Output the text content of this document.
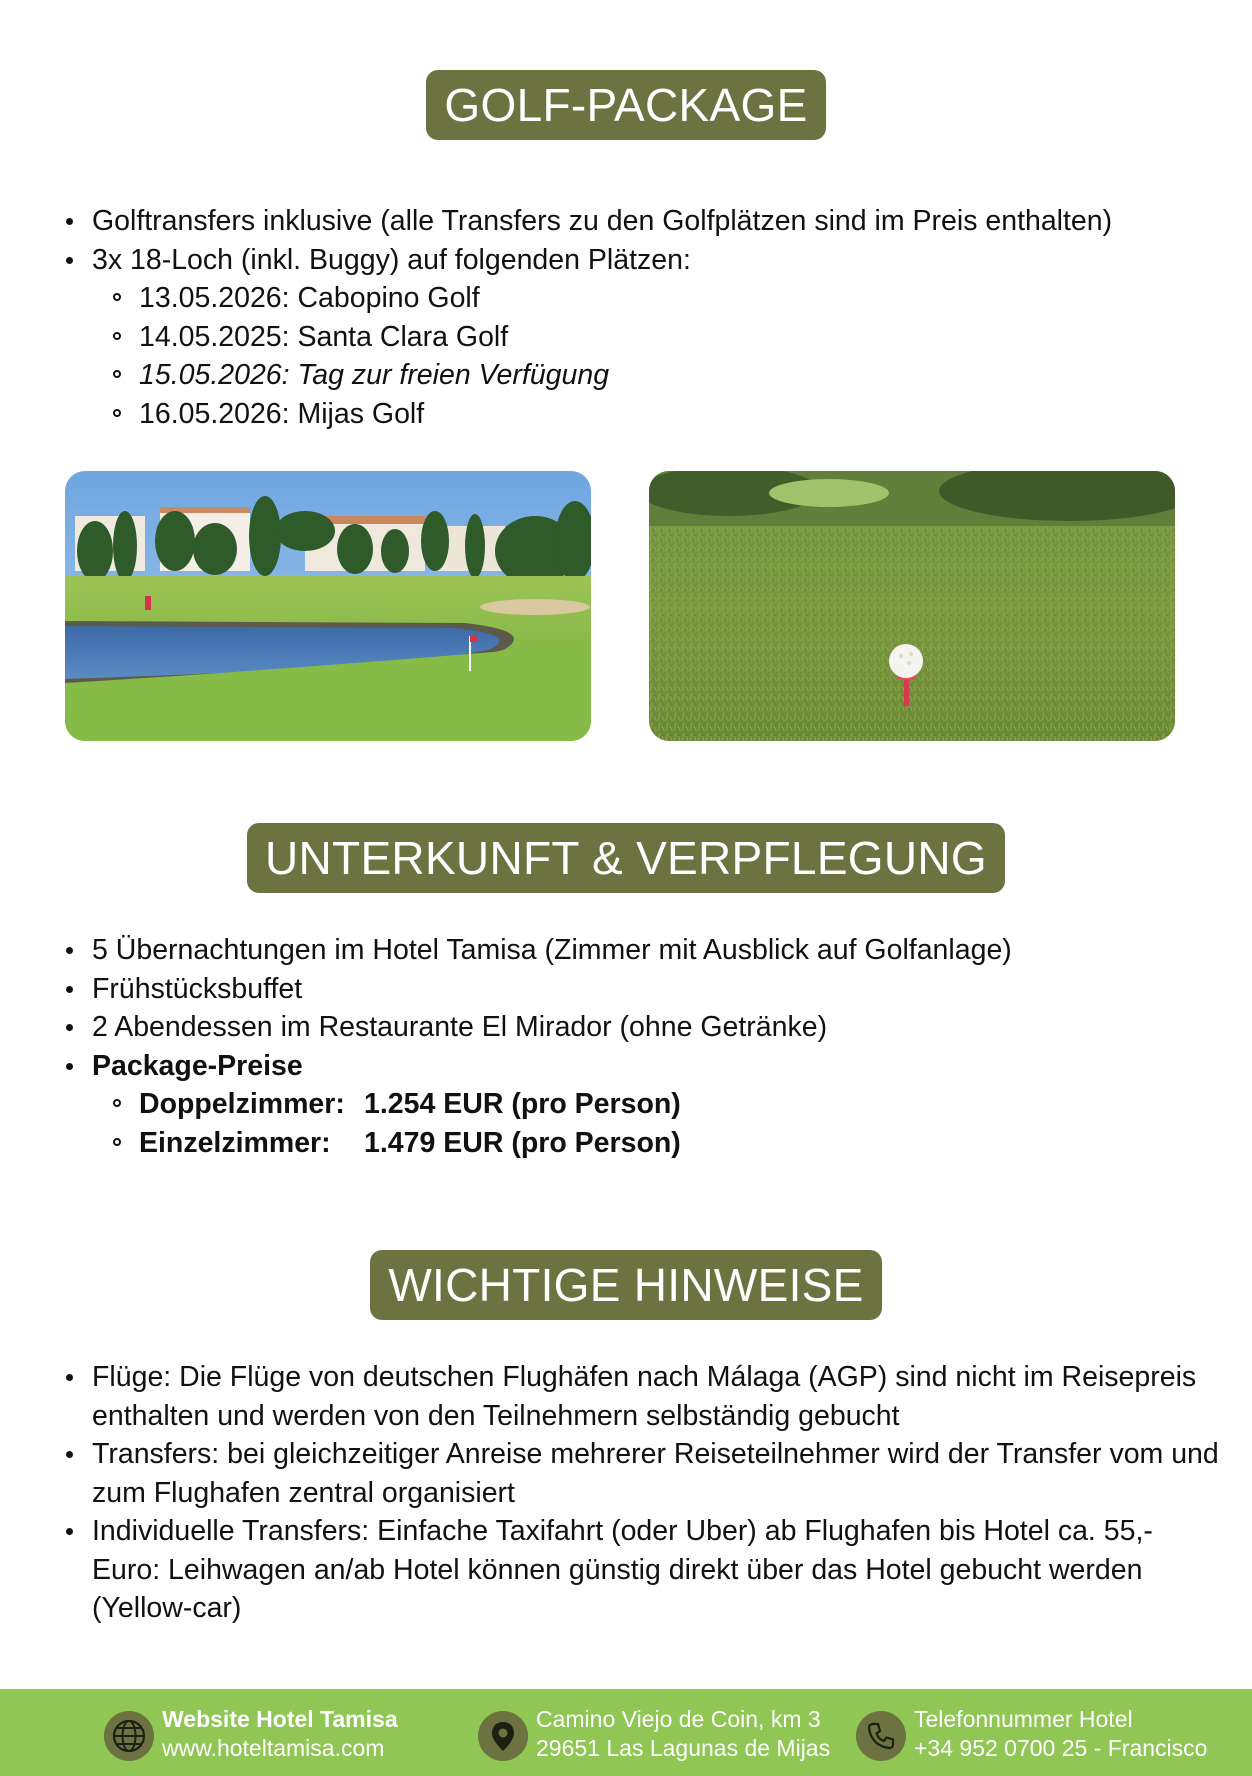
GOLF-PACKAGE
Golftransfers inklusive (alle Transfers zu den Golfplätzen sind im Preis enthalten)
3x 18-Loch (inkl. Buggy) auf folgenden Plätzen:
13.05.2026: Cabopino Golf
14.05.2025: Santa Clara Golf
15.05.2026: Tag zur freien Verfügung
16.05.2026: Mijas Golf
UNTERKUNFT & VERPFLEGUNG
5 Übernachtungen im Hotel Tamisa (Zimmer mit Ausblick auf Golfanlage)
Frühstücksbuffet
2 Abendessen im Restaurante El Mirador (ohne Getränke)
Package-Preise
Doppelzimmer: 1.254 EUR (pro Person)
Einzelzimmer: 1.479 EUR (pro Person)
WICHTIGE HINWEISE
Flüge: Die Flüge von deutschen Flughäfen nach Málaga (AGP) sind nicht im Reisepreis enthalten und werden von den Teilnehmern selbständig gebucht
Transfers: bei gleichzeitiger Anreise mehrerer Reiseteilnehmer wird der Transfer vom und zum Flughafen zentral organisiert
Individuelle Transfers: Einfache Taxifahrt (oder Uber) ab Flughafen bis Hotel ca. 55,- Euro: Leihwagen an/ab Hotel können günstig direkt über das Hotel gebucht werden (Yellow-car)
Website Hotel Tamisa
www.hoteltamisa.com
Camino Viejo de Coin, km 3
29651 Las Lagunas de Mijas
Telefonnummer Hotel
+34 952 0700 25 - Francisco
